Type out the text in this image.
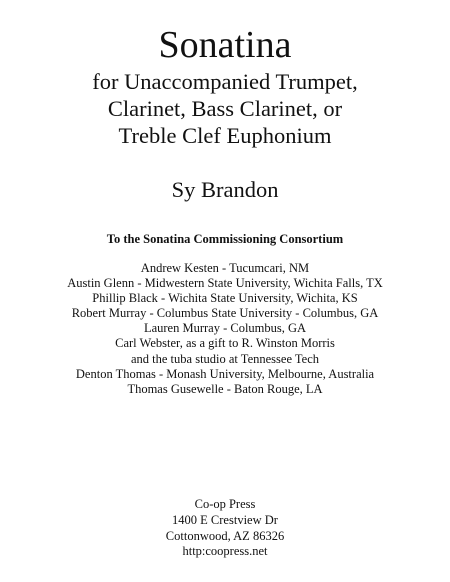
Sonatina
for Unaccompanied Trumpet,
Clarinet, Bass Clarinet, or
Treble Clef Euphonium
Sy Brandon
To the Sonatina Commissioning Consortium
Andrew Kesten - Tucumcari, NM
Austin Glenn - Midwestern State University, Wichita Falls, TX
Phillip Black - Wichita State University, Wichita, KS
Robert Murray - Columbus State University - Columbus, GA
Lauren Murray - Columbus, GA
Carl Webster, as a gift to R. Winston Morris
and the tuba studio at Tennessee Tech
Denton Thomas - Monash University, Melbourne, Australia
Thomas Gusewelle - Baton Rouge, LA
Co-op Press
1400 E Crestview Dr
Cottonwood, AZ 86326
http:coopress.net
